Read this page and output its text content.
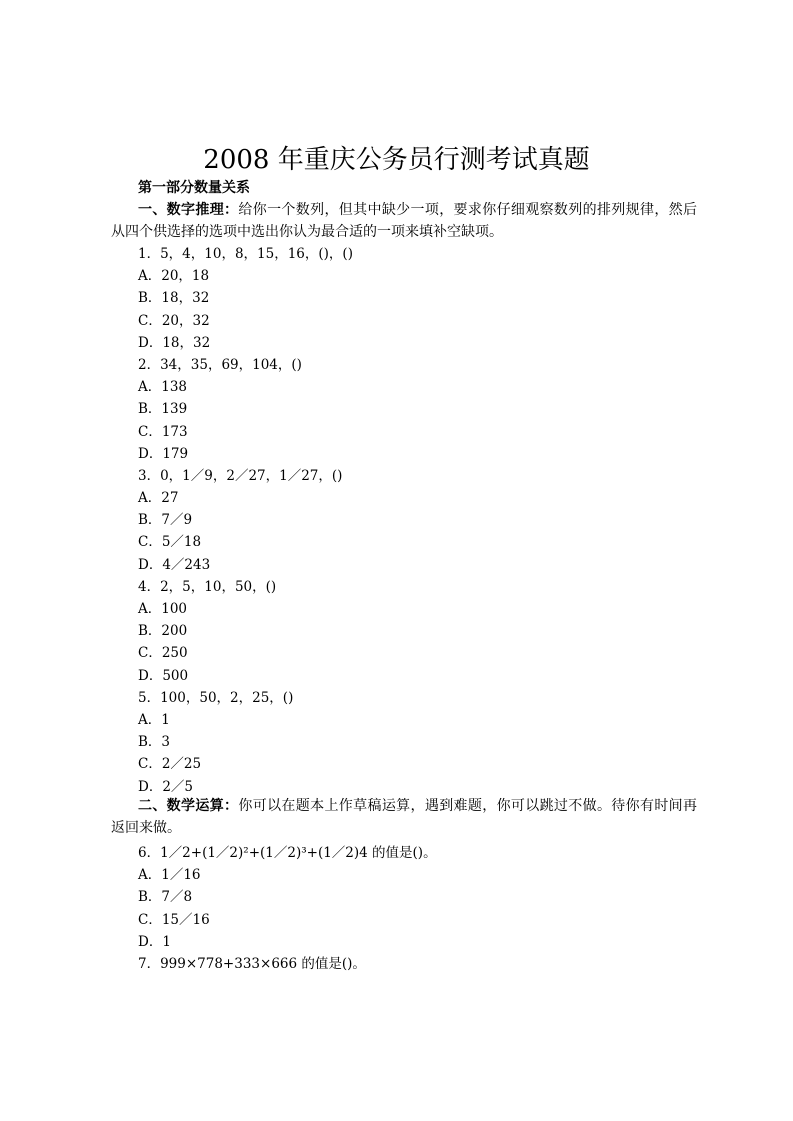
2008 年重庆公务员行测考试真题
第一部分数量关系
一、数字推理：给你一个数列，但其中缺少一项，要求你仔细观察数列的排列规律，然后从四个供选择的选项中选出你认为最合适的一项来填补空缺项。
1．5，4，10，8，15，16，()，()
A．20，18
B．18，32
C．20，32
D．18，32
2．34，35，69，104，()
A．138
B．139
C．173
D．179
3．0，1／9，2／27，1／27，()
A．27
B．7／9
C．5／18
D．4／243
4．2，5，10，50，()
A．100
B．200
C．250
D．500
5．100，50，2，25，()
A．1
B．3
C．2／25
D．2／5
6．1／2+(1／2)²+(1／2)³+(1／2)4 的值是()。
A．1／16
B．7／8
C．15／16
D．1
7．999×778+333×666 的值是()。
二、数学运算：你可以在题本上作草稿运算，遇到难题，你可以跳过不做。待你有时间再返回来做。
